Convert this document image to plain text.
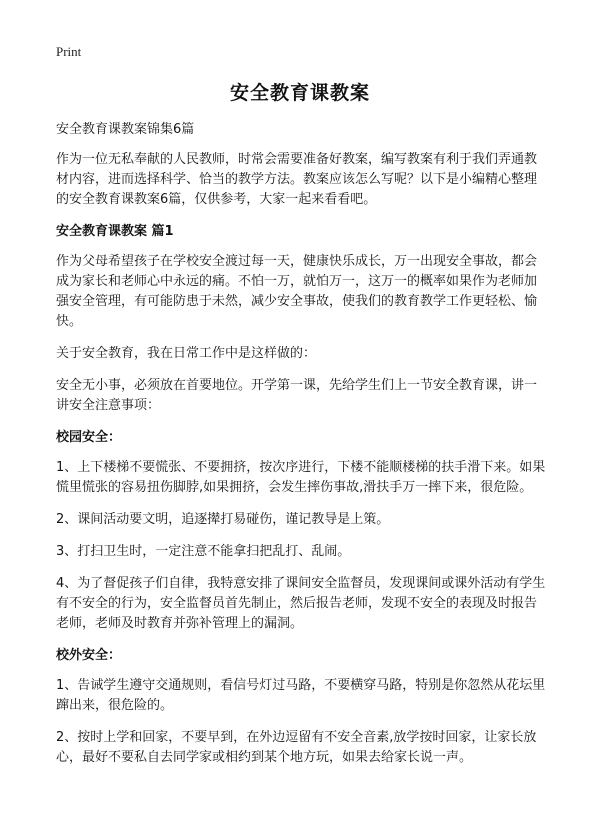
Print
安全教育课教案

安全教育课教案锦集6篇

作为一位无私奉献的人民教师，时常会需要准备好教案，编写教案有利于我们弄通教材内容，进而选择科学、恰当的教学方法。教案应该怎么写呢？以下是小编精心整理的安全教育课教案6篇，仅供参考，大家一起来看看吧。

安全教育课教案 篇1

作为父母希望孩子在学校安全渡过每一天，健康快乐成长，万一出现安全事故，都会成为家长和老师心中永远的痛。不怕一万，就怕万一，这万一的概率如果作为老师加强安全管理，有可能防患于未然，减少安全事故，使我们的教育教学工作更轻松、愉快。

关于安全教育，我在日常工作中是这样做的：

安全无小事，必须放在首要地位。开学第一课，先给学生们上一节安全教育课，讲一讲安全注意事项：

校园安全：

1、上下楼梯不要慌张、不要拥挤，按次序进行，下楼不能顺楼梯的扶手滑下来。如果慌里慌张的容易扭伤脚脖,如果拥挤，会发生摔伤事故,滑扶手万一摔下来，很危险。

2、课间活动要文明，追逐撵打易碰伤，谨记教导是上策。

3、打扫卫生时，一定注意不能拿扫把乱打、乱闹。

4、为了督促孩子们自律，我特意安排了课间安全监督员，发现课间或课外活动有学生有不安全的行为，安全监督员首先制止，然后报告老师，发现不安全的表现及时报告老师，老师及时教育并弥补管理上的漏洞。

校外安全：

1、告诫学生遵守交通规则，看信号灯过马路，不要横穿马路，特别是你忽然从花坛里蹿出来，很危险的。

2、按时上学和回家，不要早到，在外边逗留有不安全音素,放学按时回家，让家长放心，最好不要私自去同学家或相约到某个地方玩，如果去给家长说一声。
